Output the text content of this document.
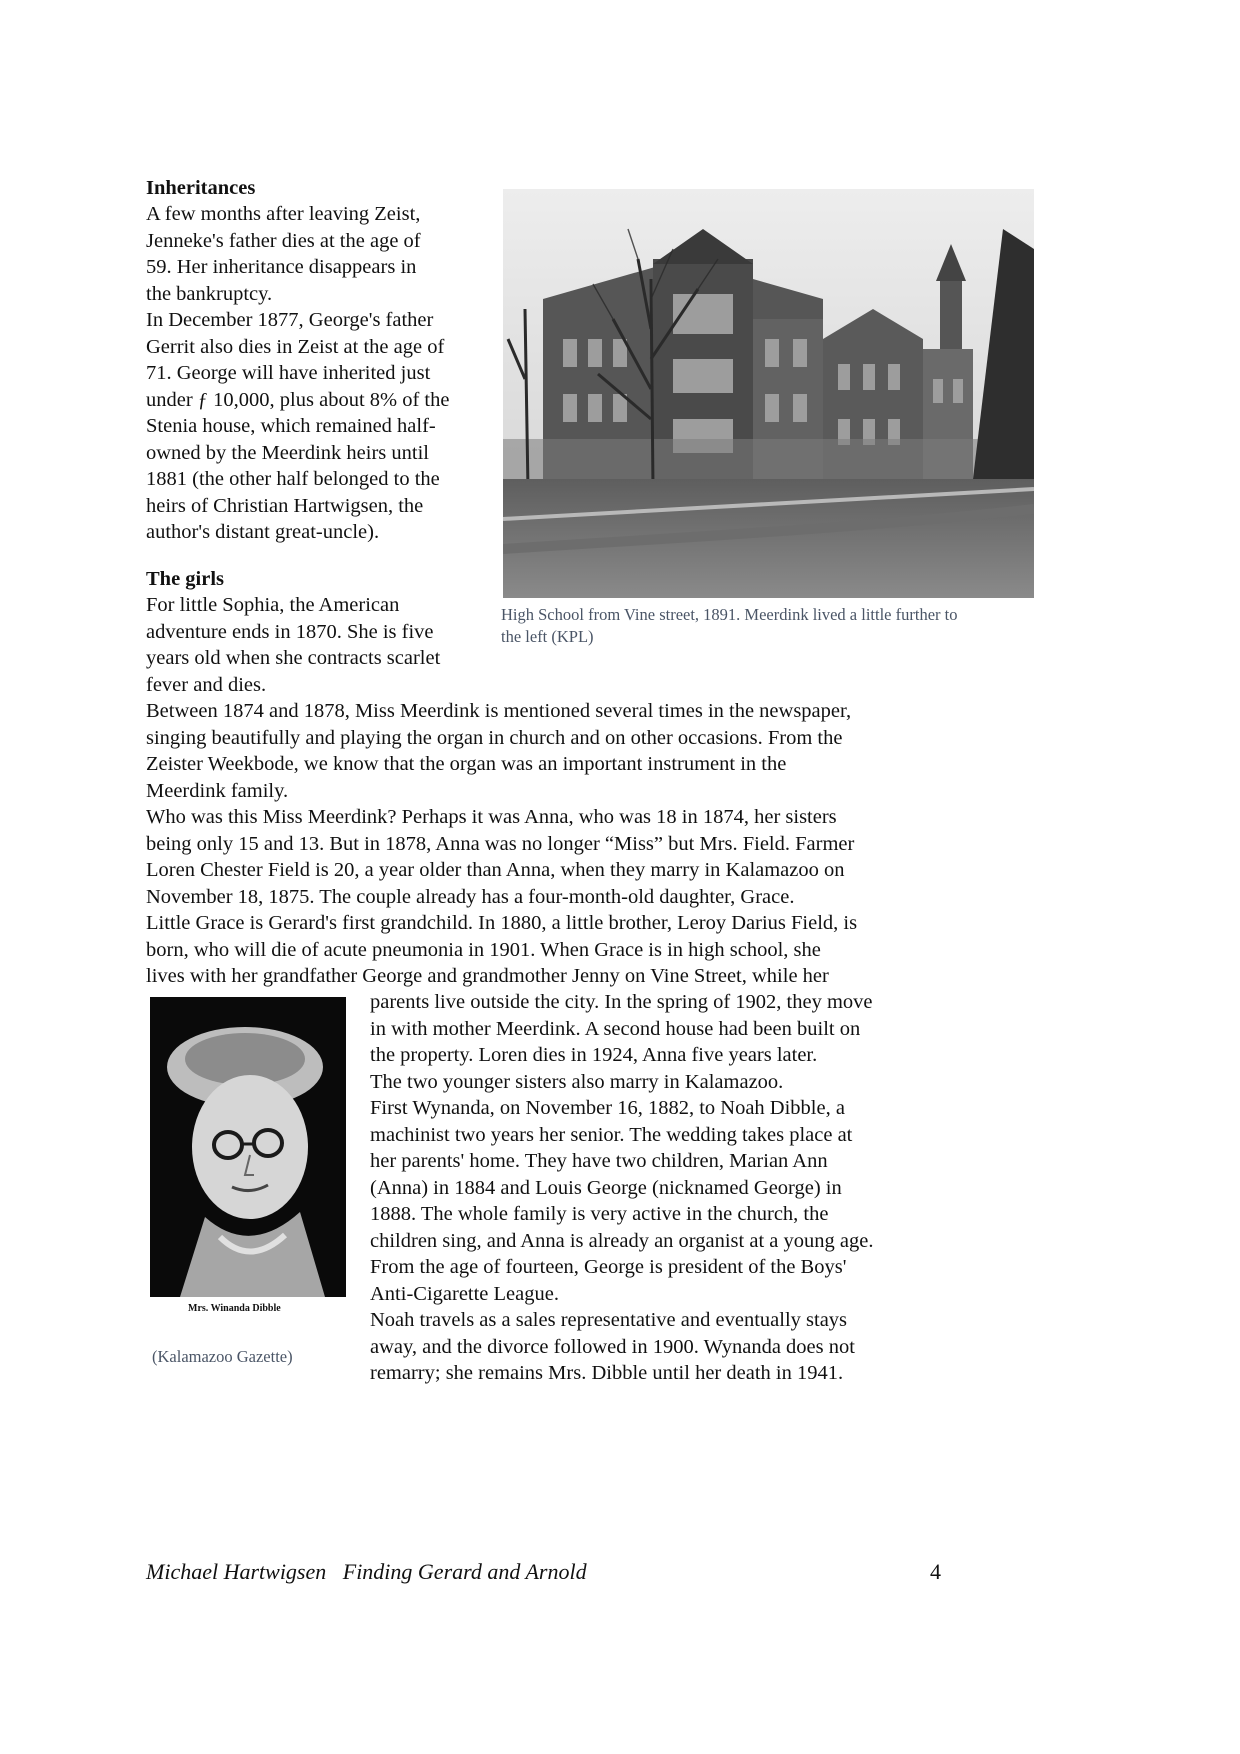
Inheritances
A few months after leaving Zeist,
Jenneke's father dies at the age of
59. Her inheritance disappears in
the bankruptcy.
In December 1877, George's father
Gerrit also dies in Zeist at the age of
71. George will have inherited just
under ƒ 10,000, plus about 8% of the
Stenia house, which remained half-
owned by the Meerdink heirs until
1881 (the other half belonged to the
heirs of Christian Hartwigsen, the
author's distant great-uncle).
High School from Vine street, 1891. Meerdink lived a little further to
the left (KPL)
The girls
For little Sophia, the American
adventure ends in 1870. She is five
years old when she contracts scarlet
fever and dies.
Between 1874 and 1878, Miss Meerdink is mentioned several times in the newspaper,
singing beautifully and playing the organ in church and on other occasions. From the
Zeister Weekbode, we know that the organ was an important instrument in the
Meerdink family.
Who was this Miss Meerdink? Perhaps it was Anna, who was 18 in 1874, her sisters
being only 15 and 13. But in 1878, Anna was no longer “Miss” but Mrs. Field. Farmer
Loren Chester Field is 20, a year older than Anna, when they marry in Kalamazoo on
November 18, 1875. The couple already has a four-month-old daughter, Grace.
Little Grace is Gerard's first grandchild. In 1880, a little brother, Leroy Darius Field, is
born, who will die of acute pneumonia in 1901. When Grace is in high school, she
lives with her grandfather George and grandmother Jenny on Vine Street, while her
Mrs. Winanda Dibble
(Kalamazoo Gazette)
parents live outside the city. In the spring of 1902, they move
in with mother Meerdink. A second house had been built on
the property. Loren dies in 1924, Anna five years later.
The two younger sisters also marry in Kalamazoo.
First Wynanda, on November 16, 1882, to Noah Dibble, a
machinist two years her senior. The wedding takes place at
her parents' home. They have two children, Marian Ann
(Anna) in 1884 and Louis George (nicknamed George) in
1888. The whole family is very active in the church, the
children sing, and Anna is already an organist at a young age.
From the age of fourteen, George is president of the Boys'
Anti-Cigarette League.
Noah travels as a sales representative and eventually stays
away, and the divorce followed in 1900. Wynanda does not
remarry; she remains Mrs. Dibble until her death in 1941.
Michael Hartwigsen   Finding Gerard and Arnold	4
